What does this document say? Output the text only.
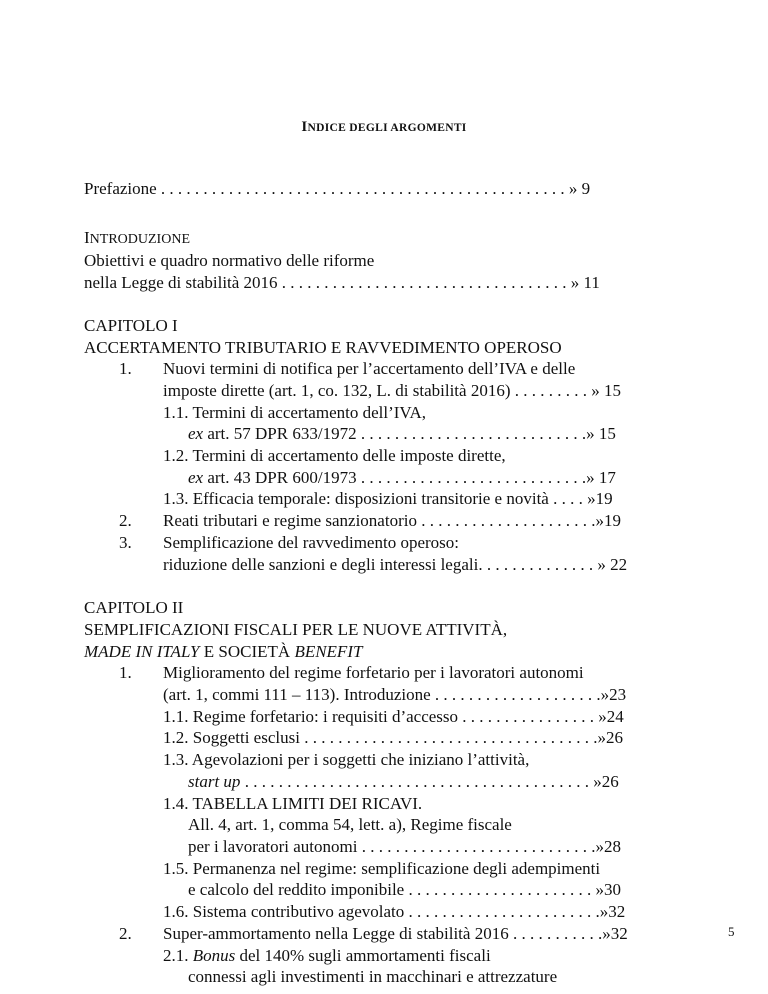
INDICE DEGLI ARGOMENTI
Prefazione . . . . . . . . . . . . . . . . . . . . . . . . . . . . . . . . . . . . . . . . . . . . . . . . » 9
INTRODUZIONE
Obiettivi e quadro normativo delle riforme
nella Legge di stabilità 2016 . . . . . . . . . . . . . . . . . . . . . . . . . . . . . . . . . . » 11
CAPITOLO I
ACCERTAMENTO TRIBUTARIO E RAVVEDIMENTO OPEROSO
1. Nuovi termini di notifica per l’accertamento dell’IVA e delle
imposte dirette (art. 1, co. 132, L. di stabilità 2016) . . . . . . . . . » 15
1.1. Termini di accertamento dell’IVA,
ex art. 57 DPR 633/1972 . . . . . . . . . . . . . . . . . . . . . . . . . . .» 15
1.2. Termini di accertamento delle imposte dirette,
ex art. 43 DPR 600/1973 . . . . . . . . . . . . . . . . . . . . . . . . . . .» 17
1.3. Efficacia temporale: disposizioni transitorie e novità . . . . »19
2. Reati tributari e regime sanzionatorio . . . . . . . . . . . . . . . . . . . . .»19
3. Semplificazione del ravvedimento operoso:
riduzione delle sanzioni e degli interessi legali. . . . . . . . . . . . . . » 22
CAPITOLO II
SEMPLIFICAZIONI FISCALI PER LE NUOVE ATTIVITÀ,
MADE IN ITALY E SOCIETÀ BENEFIT
1. Miglioramento del regime forfetario per i lavoratori autonomi
(art. 1, commi 111 – 113). Introduzione . . . . . . . . . . . . . . . . . . . .»23
1.1. Regime forfetario: i requisiti d’accesso . . . . . . . . . . . . . . . . »24
1.2. Soggetti esclusi . . . . . . . . . . . . . . . . . . . . . . . . . . . . . . . . . . .»26
1.3. Agevolazioni per i soggetti che iniziano l’attività,
start up . . . . . . . . . . . . . . . . . . . . . . . . . . . . . . . . . . . . . . . . . »26
1.4. TABELLA LIMITI DEI RICAVI.
All. 4, art. 1, comma 54, lett. a), Regime fiscale
per i lavoratori autonomi . . . . . . . . . . . . . . . . . . . . . . . . . . . .»28
1.5. Permanenza nel regime: semplificazione degli adempimenti
e calcolo del reddito imponibile . . . . . . . . . . . . . . . . . . . . . . »30
1.6. Sistema contributivo agevolato . . . . . . . . . . . . . . . . . . . . . . .»32
2. Super-ammortamento nella Legge di stabilità 2016 . . . . . . . . . . .»32
2.1. Bonus del 140% sugli ammortamenti fiscali
connessi agli investimenti in macchinari e attrezzature
5
